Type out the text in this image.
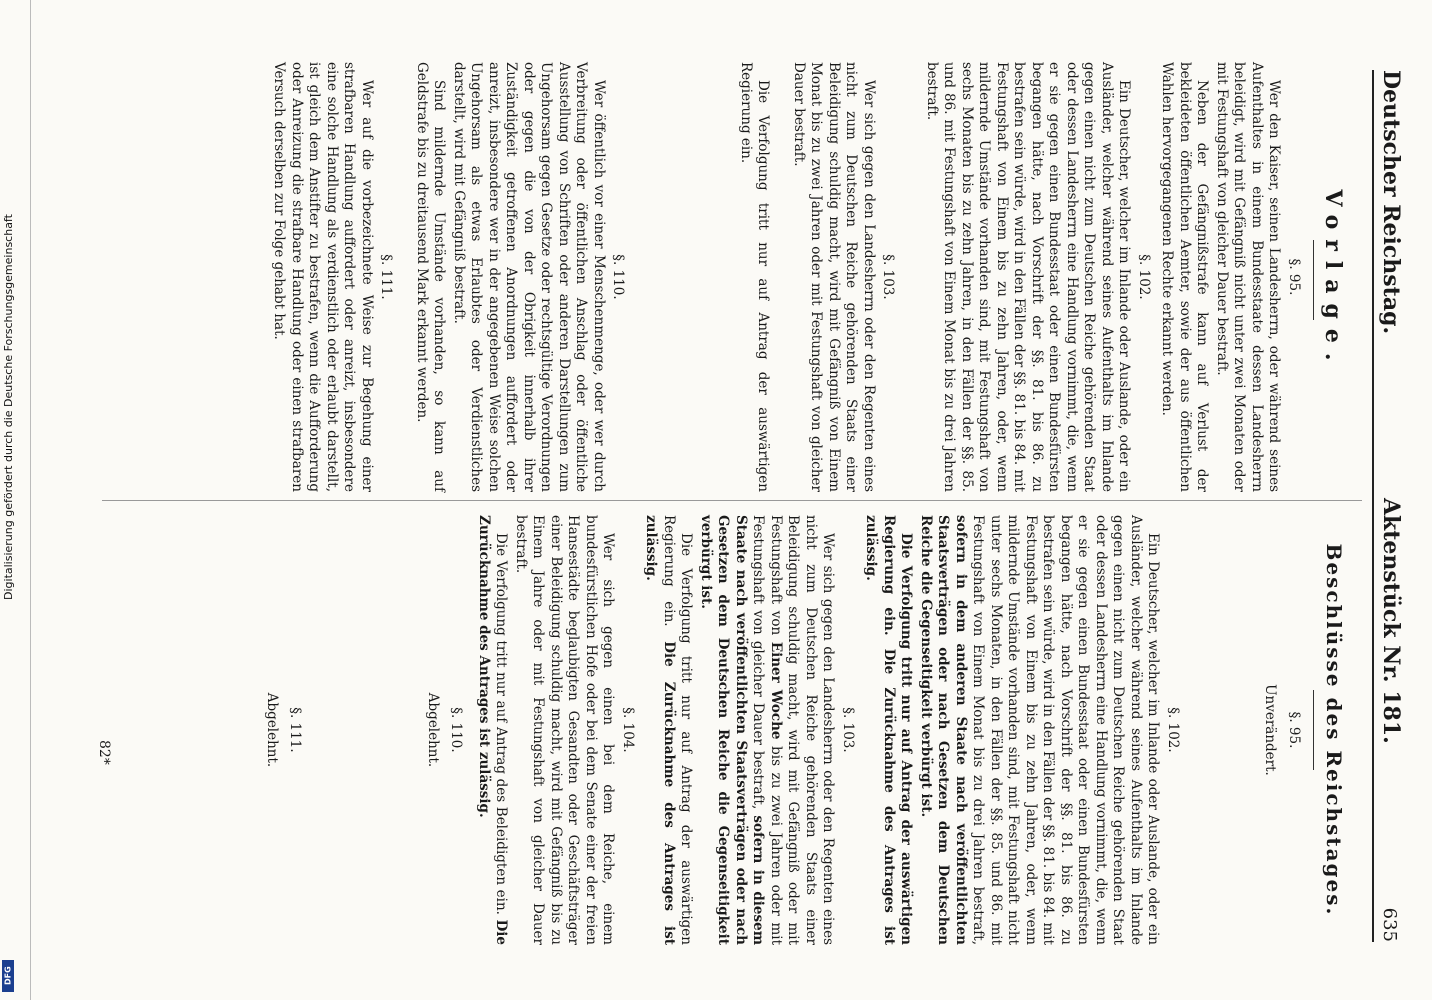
Deutscher Reichstag.
Aktenstück Nr. 181.
635
Vorlage.
Beschlüsse des Reichstages.
§. 95.

Wer den Kaiser, seinen Landesherrn, oder während seines Aufenthaltes in einem Bundesstaate dessen Landesherrn beleidigt, wird mit Gefängniß nicht unter zwei Monaten oder mit Festungshaft von gleicher Dauer bestraft.

Neben der Gefängnißstrafe kann auf Verlust der bekleideten öffentlichen Aemter, sowie der aus öffentlichen Wahlen hervorgegangenen Rechte erkannt werden.

§. 102.

Ein Deutscher, welcher im Inlande oder Auslande, oder ein Ausländer, welcher während seines Aufenthalts im Inlande gegen einen nicht zum Deutschen Reiche gehörenden Staat oder dessen Landesherrn eine Handlung vornimmt, die, wenn er sie gegen einen Bundesstaat oder einen Bundesfürsten begangen hätte, nach Vorschrift der §§. 81. bis 86. zu bestrafen sein würde, wird in den Fällen der §§. 81. bis 84. mit Festungshaft von Einem bis zu zehn Jahren, oder, wenn mildernde Umstände vorhanden sind, mit Festungshaft von sechs Monaten bis zu zehn Jahren, in den Fällen der §§. 85. und 86. mit Festungshaft von Einem Monat bis zu drei Jahren bestraft.

§. 103.

Wer sich gegen den Landesherrn oder den Regenten eines nicht zum Deutschen Reiche gehörenden Staats einer Beleidigung schuldig macht, wird mit Gefängniß von Einem Monat bis zu zwei Jahren oder mit Festungshaft von gleicher Dauer bestraft.

Die Verfolgung tritt nur auf Antrag der auswärtigen Regierung ein.

§. 110.

Wer öffentlich vor einer Menschenmenge, oder wer durch Verbreitung oder öffentlichen Anschlag oder öffentliche Ausstellung von Schriften oder anderen Darstellungen zum Ungehorsam gegen Gesetze oder rechtsgültige Verordnungen oder gegen die von der Obrigkeit innerhalb ihrer Zuständigkeit getroffenen Anordnungen auffordert oder anreizt, insbesondere wer in der angegebenen Weise solchen Ungehorsam als etwas Erlaubtes oder Verdienstliches darstellt, wird mit Gefängniß bestraft.

Sind mildernde Umstände vorhanden, so kann auf Geldstrafe bis zu dreitausend Mark erkannt werden.

§. 111.

Wer auf die vorbezeichnete Weise zur Begehung einer strafbaren Handlung auffordert oder anreizt, insbesondere eine solche Handlung als verdienstlich oder erlaubt darstellt, ist gleich dem Anstifter zu bestrafen, wenn die Aufforderung oder Anreizung die strafbare Handlung oder einen strafbaren Versuch derselben zur Folge gehabt hat.

§. 95.
Unverändert.
§. 102.

Ein Deutscher, welcher im Inlande oder Auslande, oder ein Ausländer, welcher während seines Aufenthalts im Inlande gegen einen nicht zum Deutschen Reiche gehörenden Staat oder dessen Landesherrn eine Handlung vornimmt, die, wenn er sie gegen einen Bundesstaat oder einen Bundesfürsten begangen hätte, nach Vorschrift der §§. 81. bis 86. zu bestrafen sein würde, wird in den Fällen der §§. 81. bis 84. mit Festungshaft von Einem bis zu zehn Jahren, oder, wenn mildernde Umstände vorhanden sind, mit Festungshaft nicht unter sechs Monaten, in den Fällen der §§. 85. und 86. mit Festungshaft von Einem Monat bis zu drei Jahren bestraft, sofern in dem anderen Staate nach veröffentlichten Staatsverträgen oder nach Gesetzen dem Deutschen Reiche die Gegenseitigkeit verbürgt ist.

Die Verfolgung tritt nur auf Antrag der auswärtigen Regierung ein. Die Zurücknahme des Antrages ist zulässig.

§. 103.

Wer sich gegen den Landesherrn oder den Regenten eines nicht zum Deutschen Reiche gehörenden Staats einer Beleidigung schuldig macht, wird mit Gefängniß oder mit Festungshaft von Einer Woche bis zu zwei Jahren oder mit Festungshaft von gleicher Dauer bestraft, sofern in diesem Staate nach veröffentlichten Staatsverträgen oder nach Gesetzen dem Deutschen Reiche die Gegenseitigkeit verbürgt ist.

Die Verfolgung tritt nur auf Antrag der auswärtigen Regierung ein. Die Zurücknahme des Antrages ist zulässig.

§. 104.

Wer sich gegen einen bei dem Reiche, einem bundesfürstlichen Hofe oder bei dem Senate einer der freien Hansestädte beglaubigten Gesandten oder Geschäftsträger einer Beleidigung schuldig macht, wird mit Gefängniß bis zu Einem Jahre oder mit Festungshaft von gleicher Dauer bestraft.

Die Verfolgung tritt nur auf Antrag des Beleidigten ein. Die Zurücknahme des Antrages ist zulässig.

§. 110.
Abgelehnt.
§. 111.
Abgelehnt.
82*
Digitalisierung gefördert durch die Deutsche Forschungsgemeinschaft
DFG
